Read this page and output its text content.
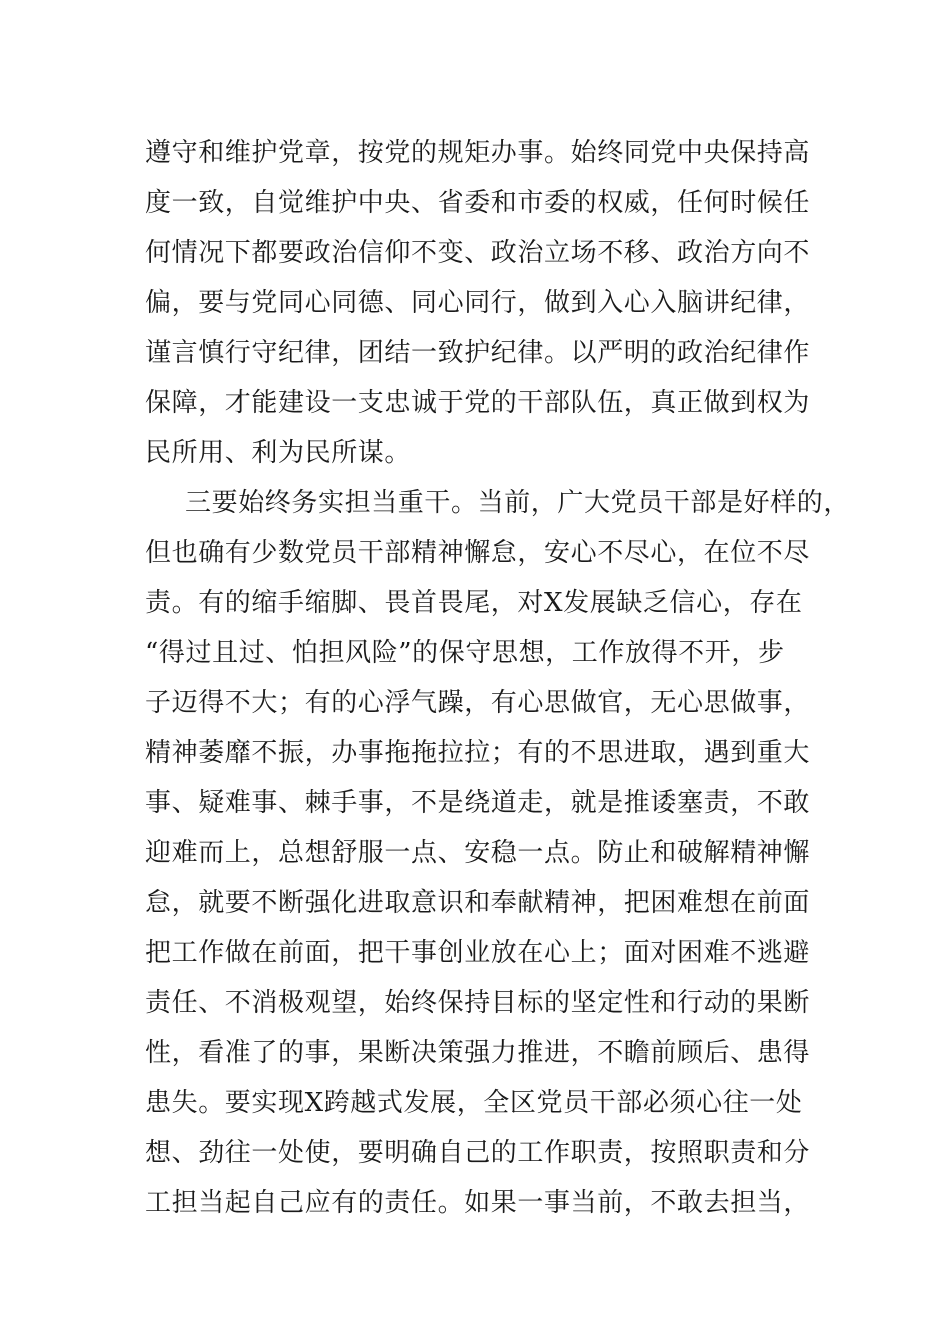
遵守和维护党章，按党的规矩办事。始终同党中央保持高

度一致，自觉维护中央、省委和市委的权威，任何时候任

何情况下都要政治信仰不变、政治立场不移、政治方向不

偏，要与党同心同德、同心同行，做到入心入脑讲纪律，

谨言慎行守纪律，团结一致护纪律。以严明的政治纪律作

保障，才能建设一支忠诚于党的干部队伍，真正做到权为

民所用、利为民所谋。

三要始终务实担当重干。当前，广大党员干部是好样的，

但也确有少数党员干部精神懈怠，安心不尽心，在位不尽

责。有的缩手缩脚、畏首畏尾，对X发展缺乏信心，存在

“得过且过、怕担风险”的保守思想，工作放得不开，步

子迈得不大；有的心浮气躁，有心思做官，无心思做事，

精神萎靡不振，办事拖拖拉拉；有的不思进取，遇到重大

事、疑难事、棘手事，不是绕道走，就是推诿塞责，不敢

迎难而上，总想舒服一点、安稳一点。防止和破解精神懈

怠，就要不断强化进取意识和奉献精神，把困难想在前面

把工作做在前面，把干事创业放在心上；面对困难不逃避

责任、不消极观望，始终保持目标的坚定性和行动的果断

性，看准了的事，果断决策强力推进，不瞻前顾后、患得

患失。要实现X跨越式发展，全区党员干部必须心往一处

想、劲往一处使，要明确自己的工作职责，按照职责和分

工担当起自己应有的责任。如果一事当前，不敢去担当，
